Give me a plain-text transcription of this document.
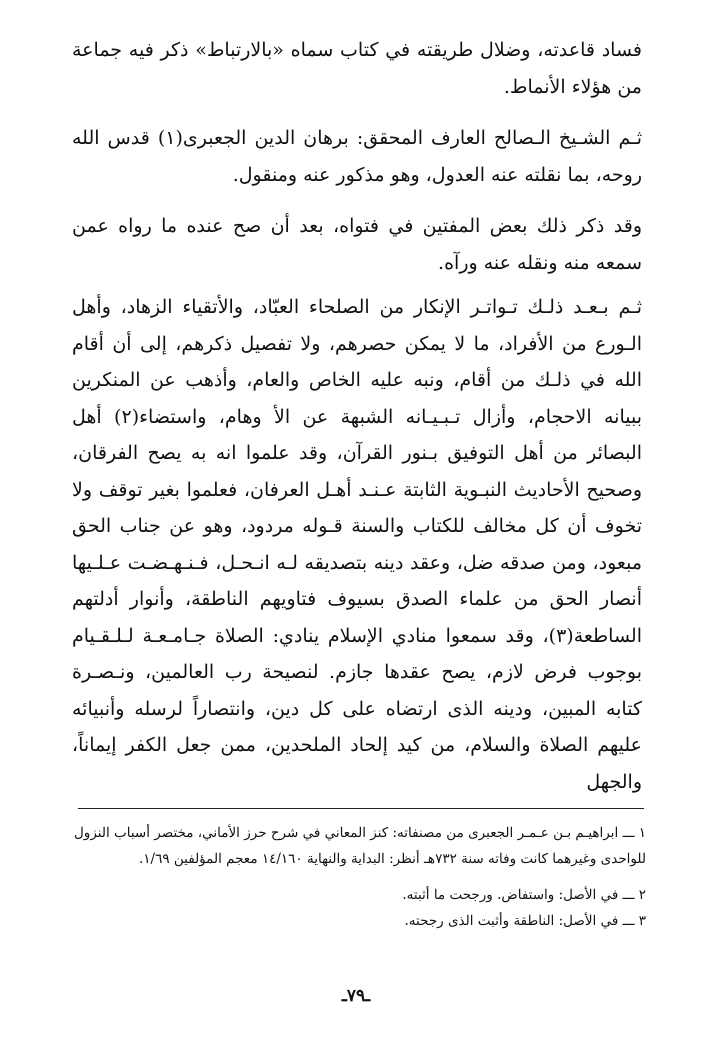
فساد قاعدته، وضلال طريقته في كتاب سماه «بالارتباط» ذكر فيه جماعة من هؤلاء الأنماط.

ثـم الشـيخ الـصالح العارف المحقق: برهان الدين الجعبرى(١) قدس الله روحه، بما نقلته عنه العدول، وهو مذكور عنه ومنقول.

وقد ذكر ذلك بعض المفتين في فتواه، بعد أن صح عنده ما رواه عمن سمعه منه ونقله عنه ورآه.

ثـم بـعـد ذلـك تـواتـر الإنكار من الصلحاء العبّاد، والأتقياء الزهاد، وأهل الـورع من الأفراد، ما لا يمكن حصرهم، ولا تفصيل ذكرهم، إلى أن أقام الله في ذلـك من أقام، ونبه عليه الخاص والعام، وأذهب عن المنكرين ببيانه الاحجام، وأزال تـبـيـانه الشبهة عن الأ وهام، واستضاء(٢) أهل البصائر من أهل التوفيق بـنور القرآن، وقد علموا انه به يصح الفرقان، وصحيح الأحاديث النبـوية الثابتة عـنـد أهـل العرفان، فعلموا بغير توقف ولا تخوف أن كل مخالف للكتاب والسنة قـوله مردود، وهو عن جناب الحق مبعود، ومن صدقه ضل، وعقد دينه بتصديقه لـه انـحـل، فـنـهـضـت عـلـيها أنصار الحق من علماء الصدق بسيوف فتاويهم الناطقة، وأنوار أدلتهم الساطعة(٣)، وقد سمعوا منادي الإسلام ينادي: الصلاة جـامـعـة لـلـقـيام بوجوب فرض لازم، يصح عقدها جازم. لنصيحة رب العالمين، ونـصـرة كتابه المبين، ودينه الذى ارتضاه على كل دين، وانتصاراً لرسله وأنبيائه عليهم الصلاة والسلام، من كيد إلحاد الملحدين، ممن جعل الكفر إيماناً، والجهل

١ ـــ ابراهيـم بـن عـمـر الجعبرى من مصنفاته: كنز المعاني في شرح حرز الأماني، مختصر أسباب النزول للواحدى وغيرهما كانت وفاته سنة ٧٣٢هـ أنظر: البداية والنهاية ١٤/١٦٠ معجم المؤلفين ١/٦٩.

٢ ـــ في الأصل: واستفاض. ورجحت ما أثبته.

٣ ـــ في الأصل: الناطقة وأثبت الذى رجحته.

ـ٧٩ـ
